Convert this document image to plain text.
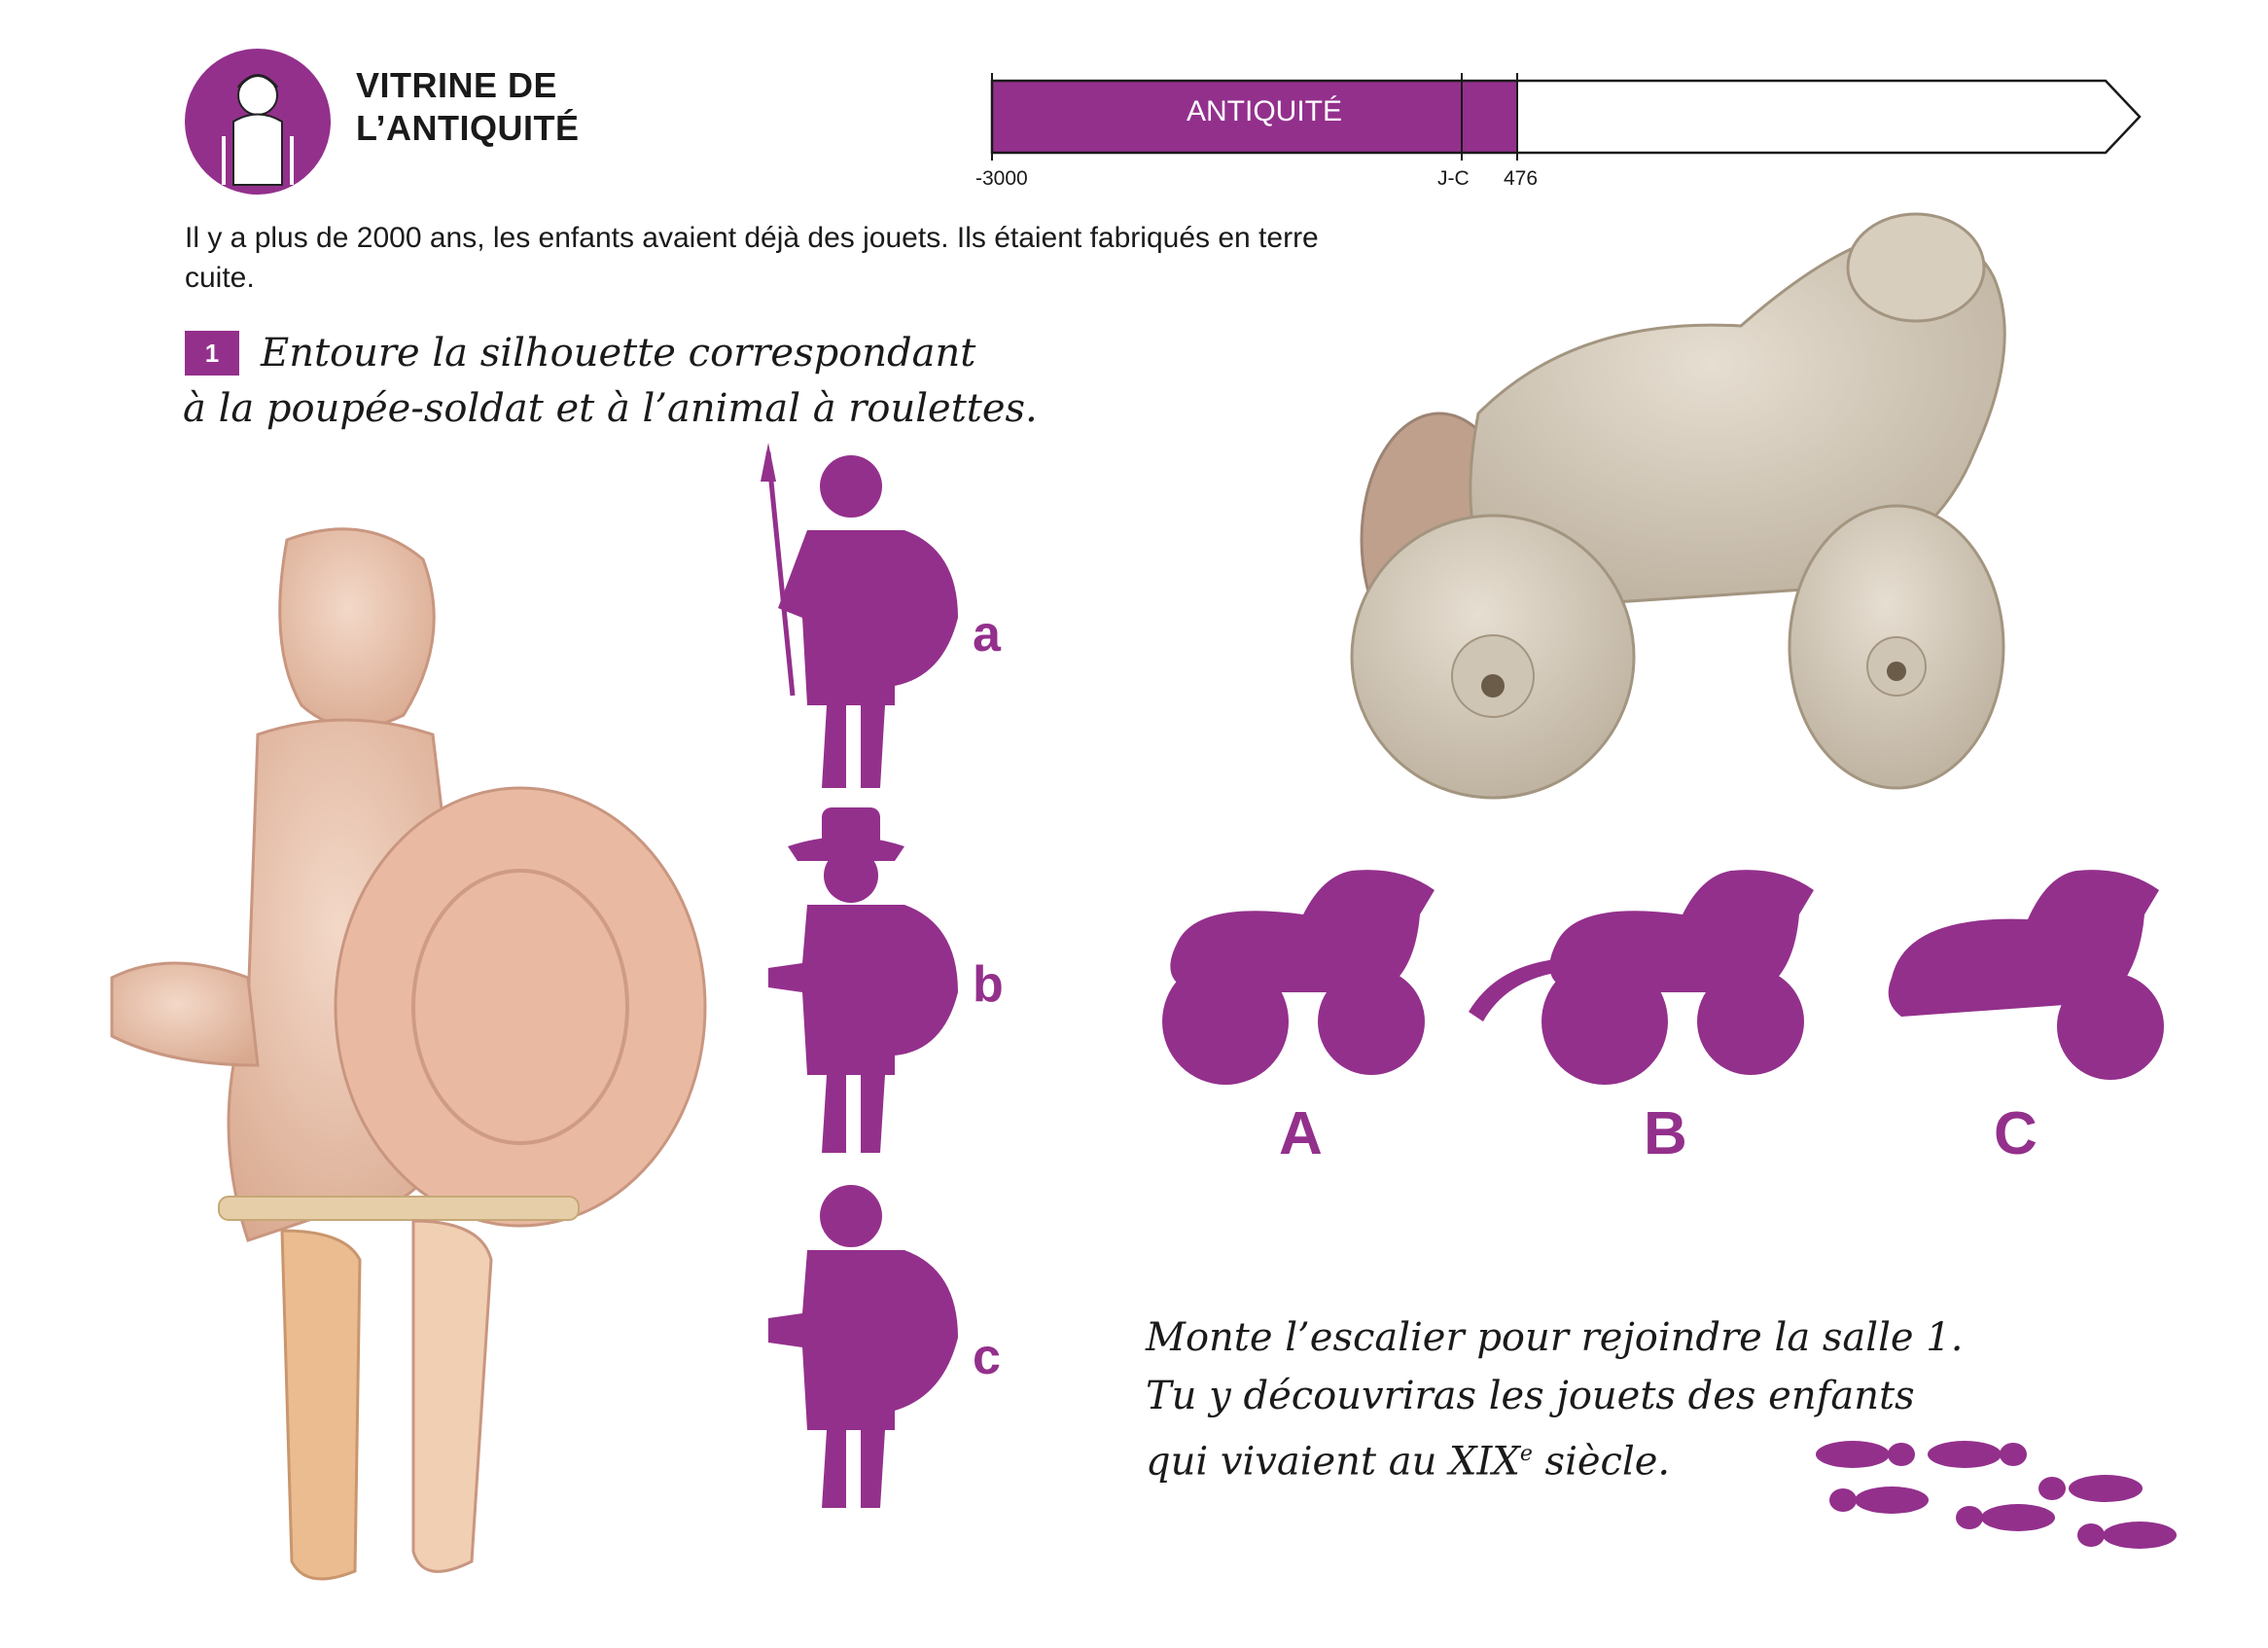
VITRINE DE
L’ANTIQUITÉ	ANTIQUITÉ
-3000	J-C 476
Il y a plus de 2000 ans, les enfants avaient déjà des jouets. Ils étaient fabriqués en terre cuite.
1	Entoure la silhouette correspondant
à la poupée-soldat et à l’animal à roulettes.
a
b
c
A	B	C
Monte l’escalier pour rejoindre la salle 1.
Tu y découvriras les jouets des enfants
qui vivaient au XIXe siècle.
